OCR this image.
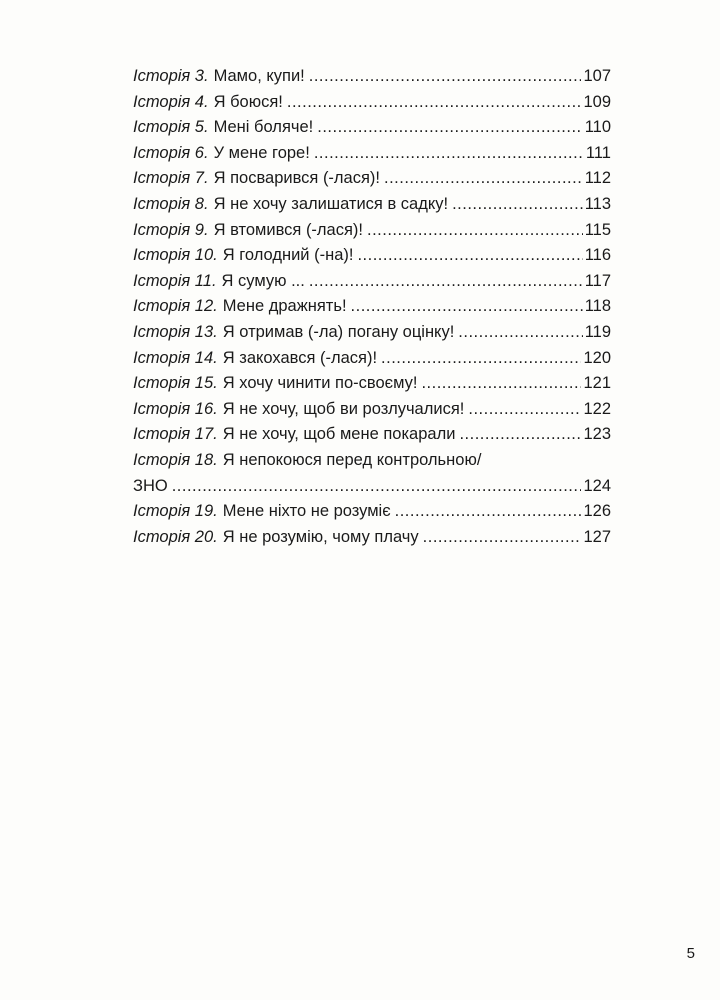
Історія 3. Мамо, купи! .....	107
Історія 4. Я боюся! .....	109
Історія 5. Мені боляче! .....	110
Історія 6. У мене горе! .....	111
Історія 7. Я посварився (-лася)! .....	112
Історія 8. Я не хочу залишатися в садку! .....	113
Історія 9. Я втомився (-лася)! .....	115
Історія 10. Я голодний (-на)! .....	116
Історія 11. Я сумую ... .....	117
Історія 12. Мене дражнять! .....	118
Історія 13. Я отримав (-ла) погану оцінку! .....	119
Історія 14. Я закохався (-лася)! .....	120
Історія 15. Я хочу чинити по-своєму! .....	121
Історія 16. Я не хочу, щоб ви розлучалися! .....	122
Історія 17. Я не хочу, щоб мене покарали .....	123
Історія 18. Я непокоюся перед контрольною/
ЗНО .....	124
Історія 19. Мене ніхто не розуміє .....	126
Історія 20. Я не розумію, чому плачу .....	127
5
